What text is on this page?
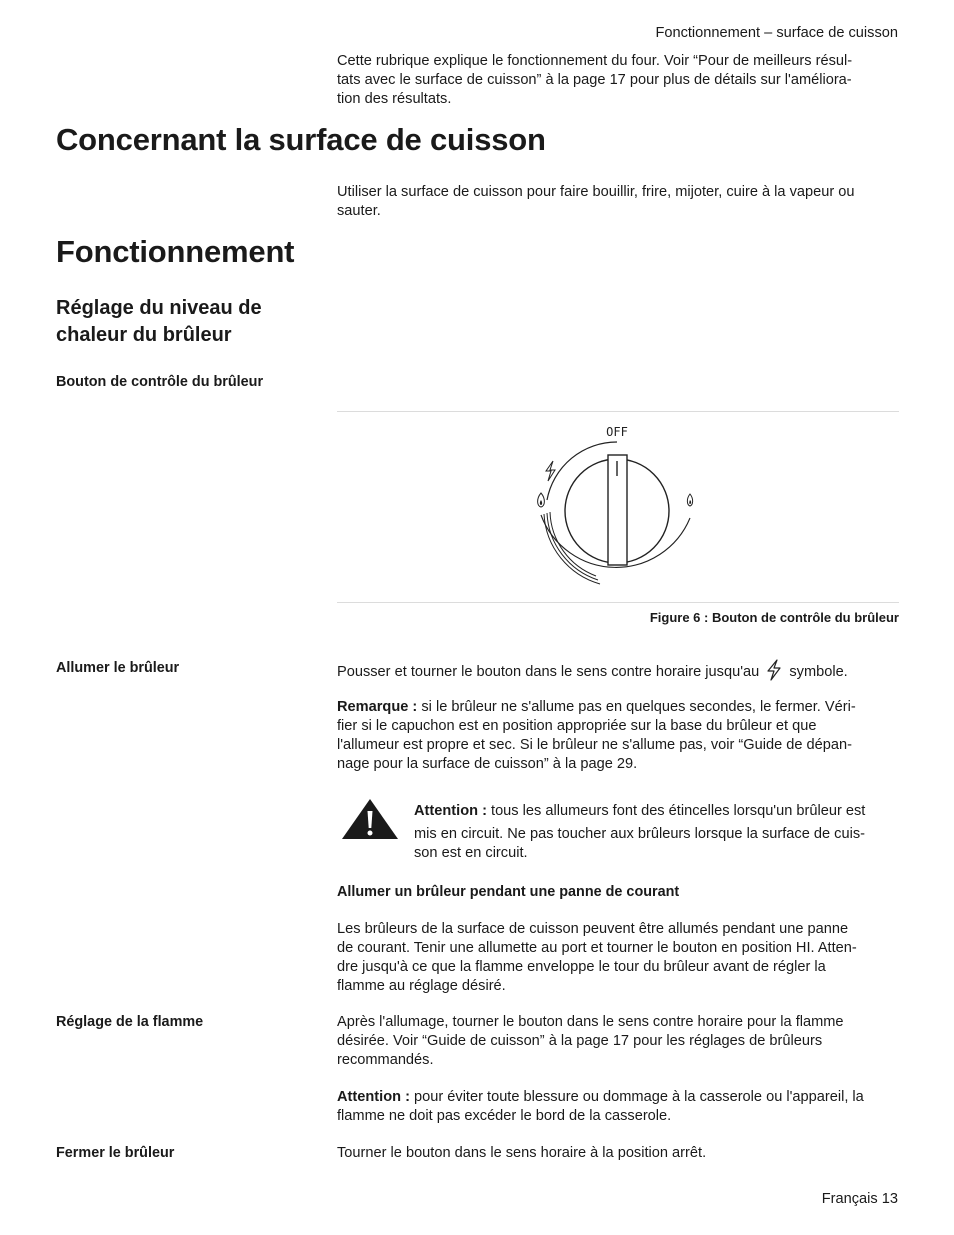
Fonctionnement – surface de cuisson
Cette rubrique explique le fonctionnement du four. Voir “Pour de meilleurs résul-
tats avec le surface de cuisson” à la page 17 pour plus de détails sur l'améliora-
tion des résultats.
Concernant la surface de cuisson
Utiliser la surface de cuisson pour faire bouillir, frire, mijoter, cuire à la vapeur ou
sauter.
Fonctionnement
Réglage du niveau de
chaleur du brûleur
Bouton de contrôle du brûleur
OFF
Figure 6 : Bouton de contrôle du brûleur
Allumer le brûleur	Pousser et tourner le bouton dans le sens contre horaire jusqu'au symbole.
Remarque : si le brûleur ne s'allume pas en quelques secondes, le fermer. Véri-
fier si le capuchon est en position appropriée sur la base du brûleur et que
l'allumeur est propre et sec. Si le brûleur ne s'allume pas, voir “Guide de dépan-
nage pour la surface de cuisson” à la page 29.
Attention : tous les allumeurs font des étincelles lorsqu'un brûleur est
mis en circuit. Ne pas toucher aux brûleurs lorsque la surface de cuis-
son est en circuit.
Allumer un brûleur pendant une panne de courant
Les brûleurs de la surface de cuisson peuvent être allumés pendant une panne
de courant. Tenir une allumette au port et tourner le bouton en position HI. Atten-
dre jusqu'à ce que la flamme enveloppe le tour du brûleur avant de régler la
flamme au réglage désiré.
Réglage de la flamme	Après l'allumage, tourner le bouton dans le sens contre horaire pour la flamme
désirée. Voir “Guide de cuisson” à la page 17 pour les réglages de brûleurs
recommandés.
Attention : pour éviter toute blessure ou dommage à la casserole ou l'appareil, la
flamme ne doit pas excéder le bord de la casserole.
Fermer le brûleur	Tourner le bouton dans le sens horaire à la position arrêt.
Français 13
